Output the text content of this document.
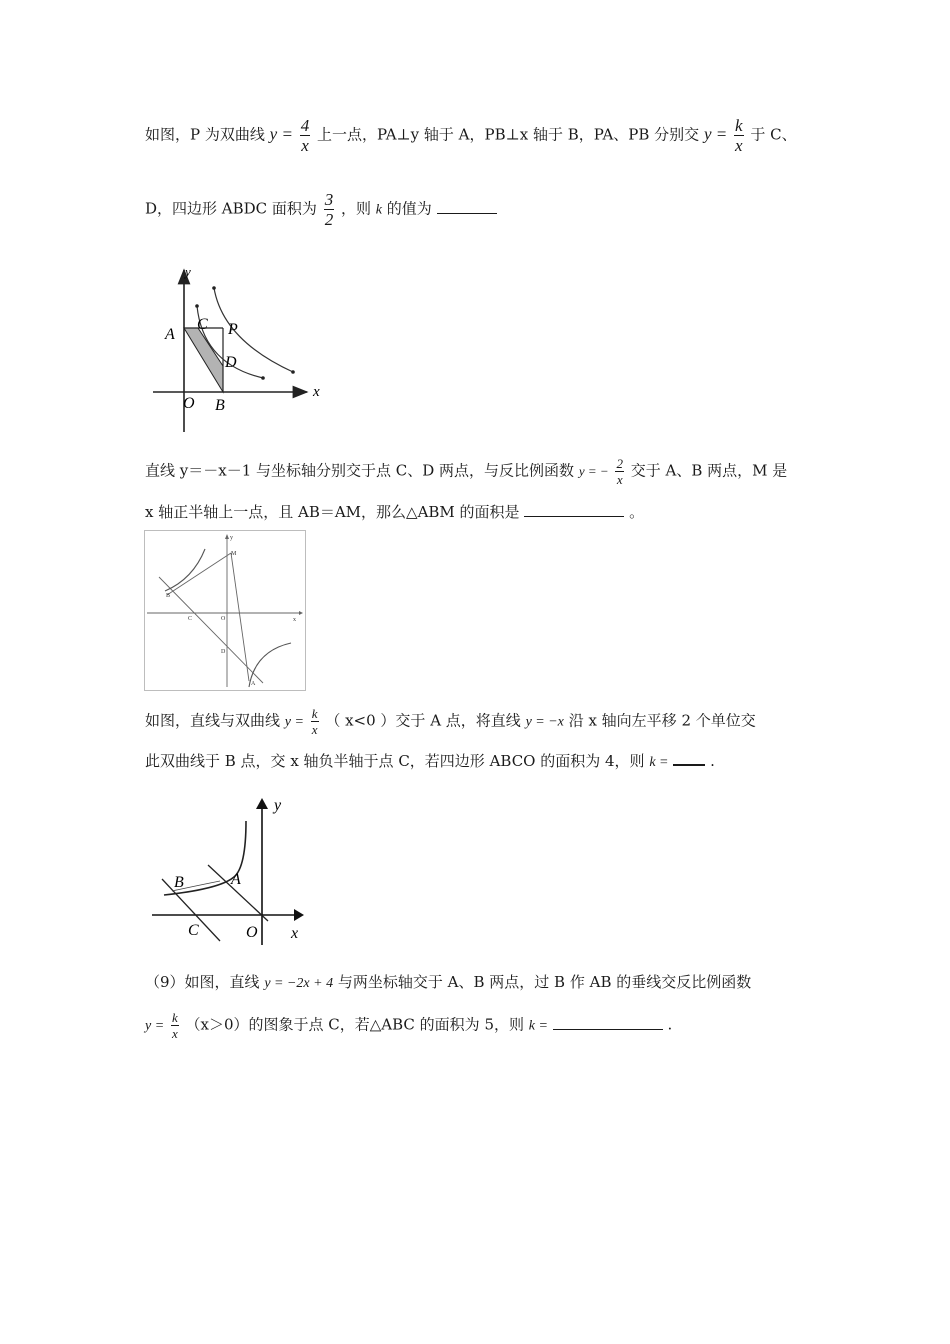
如图，P 为双曲线 $y = \frac{4}{x}$ 上一点，PA⊥y 轴于 A，PB⊥x 轴于 B，PA、PB 分别交 $y = \frac{k}{x}$ 于 C、
D，四边形 ABDC 面积为 $\frac{3}{2}$ ，则 k 的值为
y
x
A
C P
D
O B
直线 y＝－x－1 与坐标轴分别交于点 C、D 两点，与反比例函数 y = − $\frac{2}{x}$ 交于 A、B 两点，M 是
x 轴正半轴上一点，且 AB＝AM，那么△ABM 的面积是	。
M
B
C	O
D
A
x
y
如图，直线与双曲线 $y = \frac{k}{x}$ （ x<0 ）交于 A 点，将直线 y = −x 沿 x 轴向左平移 2 个单位交
此双曲线于 B 点，交 x 轴负半轴于点 C，若四边形 ABCO 的面积为 4，则 k =	.
B	A
C	O x
y
（9）如图，直线 y = −2x + 4 与两坐标轴交于 A、B 两点，过 B 作 AB 的垂线交反比例函数
$y = \frac{k}{x} (x>0)$的图象于点 C，若△ABC 的面积为 5，则 k =	.
